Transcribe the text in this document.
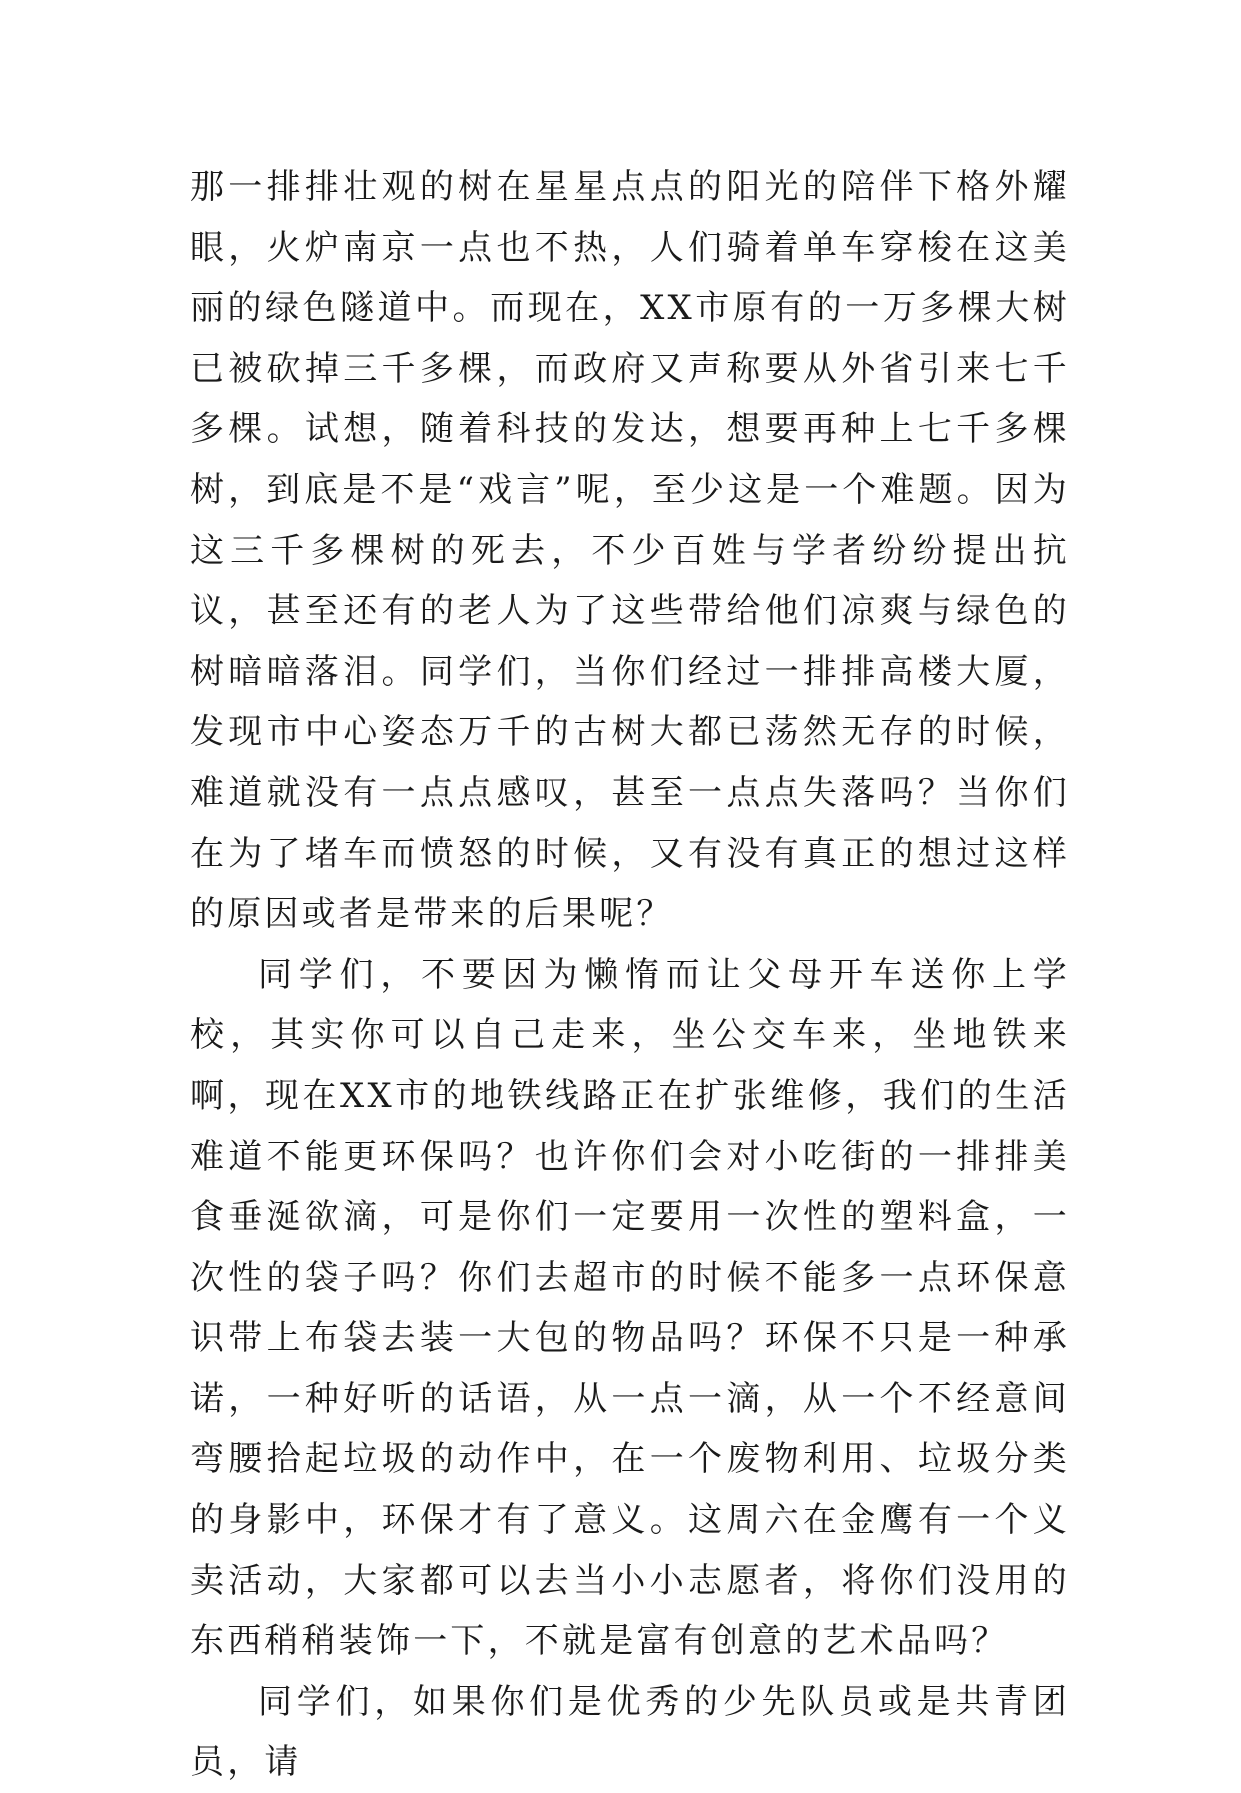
那一排排壮观的树在星星点点的阳光的陪伴下格外耀眼，火炉南京一点也不热，人们骑着单车穿梭在这美丽的绿色隧道中。而现在，XX市原有的一万多棵大树已被砍掉三千多棵，而政府又声称要从外省引来七千多棵。试想，随着科技的发达，想要再种上七千多棵树，到底是不是“戏言”呢，至少这是一个难题。因为这三千多棵树的死去，不少百姓与学者纷纷提出抗议，甚至还有的老人为了这些带给他们凉爽与绿色的树暗暗落泪。同学们，当你们经过一排排高楼大厦，发现市中心姿态万千的古树大都已荡然无存的时候，难道就没有一点点感叹，甚至一点点失落吗？当你们在为了堵车而愤怒的时候，又有没有真正的想过这样的原因或者是带来的后果呢？

同学们，不要因为懒惰而让父母开车送你上学校，其实你可以自己走来，坐公交车来，坐地铁来啊，现在XX市的地铁线路正在扩张维修，我们的生活难道不能更环保吗？也许你们会对小吃街的一排排美食垂涎欲滴，可是你们一定要用一次性的塑料盒，一次性的袋子吗？你们去超市的时候不能多一点环保意识带上布袋去装一大包的物品吗？环保不只是一种承诺，一种好听的话语，从一点一滴，从一个不经意间弯腰拾起垃圾的动作中，在一个废物利用、垃圾分类的身影中，环保才有了意义。这周六在金鹰有一个义卖活动，大家都可以去当小小志愿者，将你们没用的东西稍稍装饰一下，不就是富有创意的艺术品吗？

同学们，如果你们是优秀的少先队员或是共青团员，请
